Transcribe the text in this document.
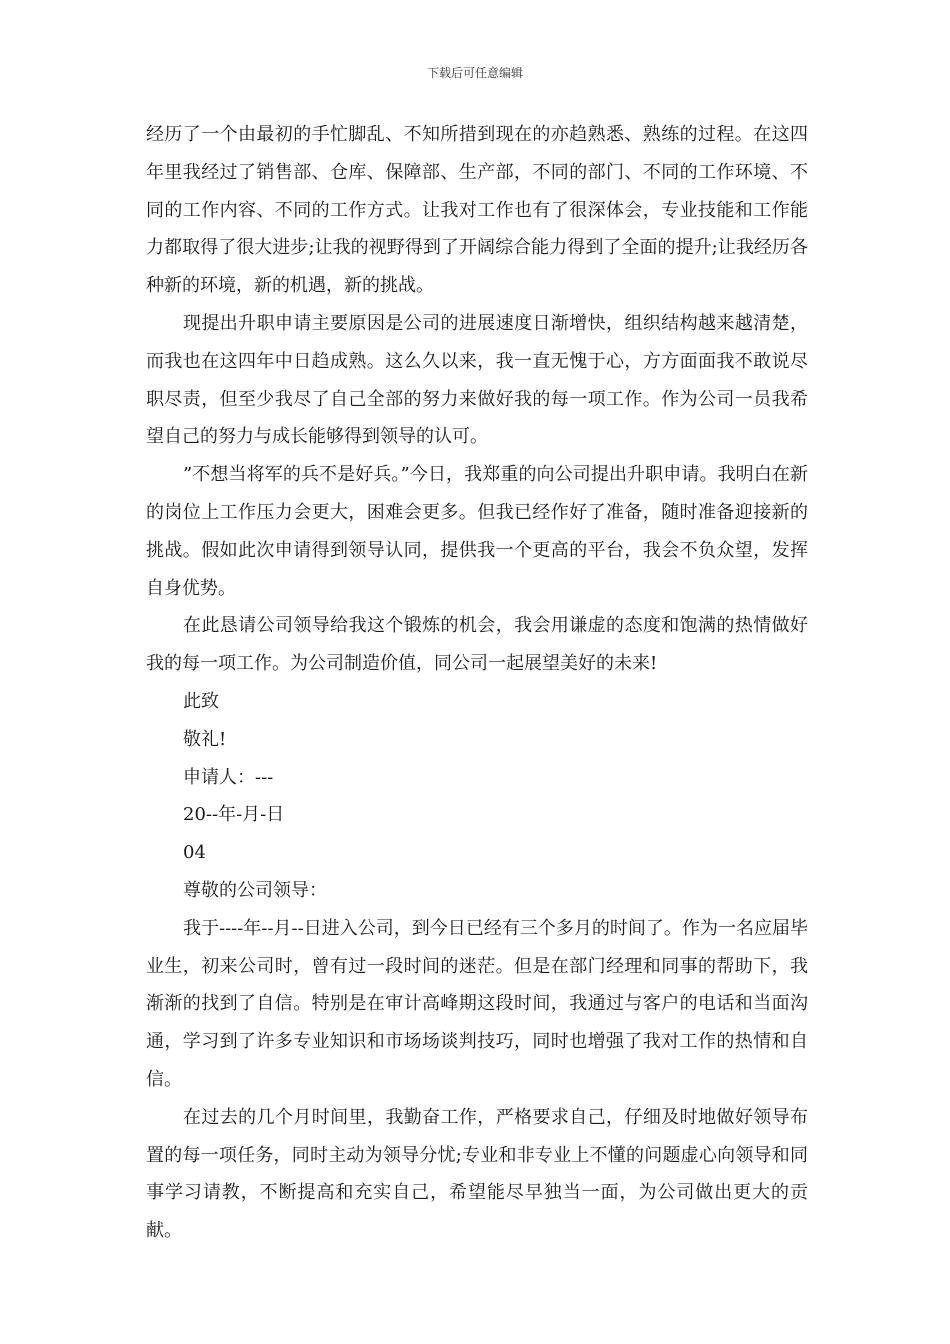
下载后可任意编辑

经历了一个由最初的手忙脚乱、不知所措到现在的亦趋熟悉、熟练的过程。在这四年里我经过了销售部、仓库、保障部、生产部，不同的部门、不同的工作环境、不同的工作内容、不同的工作方式。让我对工作也有了很深体会，专业技能和工作能力都取得了很大进步;让我的视野得到了开阔综合能力得到了全面的提升;让我经历各种新的环境，新的机遇，新的挑战。

现提出升职申请主要原因是公司的进展速度日渐增快，组织结构越来越清楚，而我也在这四年中日趋成熟。这么久以来，我一直无愧于心，方方面面我不敢说尽职尽责，但至少我尽了自己全部的努力来做好我的每一项工作。作为公司一员我希望自己的努力与成长能够得到领导的认可。

”不想当将军的兵不是好兵。”今日，我郑重的向公司提出升职申请。我明白在新的岗位上工作压力会更大，困难会更多。但我已经作好了准备，随时准备迎接新的挑战。假如此次申请得到领导认同，提供我一个更高的平台，我会不负众望，发挥自身优势。

在此恳请公司领导给我这个锻炼的机会，我会用谦虚的态度和饱满的热情做好我的每一项工作。为公司制造价值，同公司一起展望美好的未来!

此致

敬礼!

申请人：---

20--年-月-日

04

尊敬的公司领导：

我于----年--月--日进入公司，到今日已经有三个多月的时间了。作为一名应届毕业生，初来公司时，曾有过一段时间的迷茫。但是在部门经理和同事的帮助下，我渐渐的找到了自信。特别是在审计高峰期这段时间，我通过与客户的电话和当面沟通，学习到了许多专业知识和市场场谈判技巧，同时也增强了我对工作的热情和自信。

在过去的几个月时间里，我勤奋工作，严格要求自己，仔细及时地做好领导布置的每一项任务，同时主动为领导分忧;专业和非专业上不懂的问题虚心向领导和同事学习请教，不断提高和充实自己，希望能尽早独当一面，为公司做出更大的贡献。
